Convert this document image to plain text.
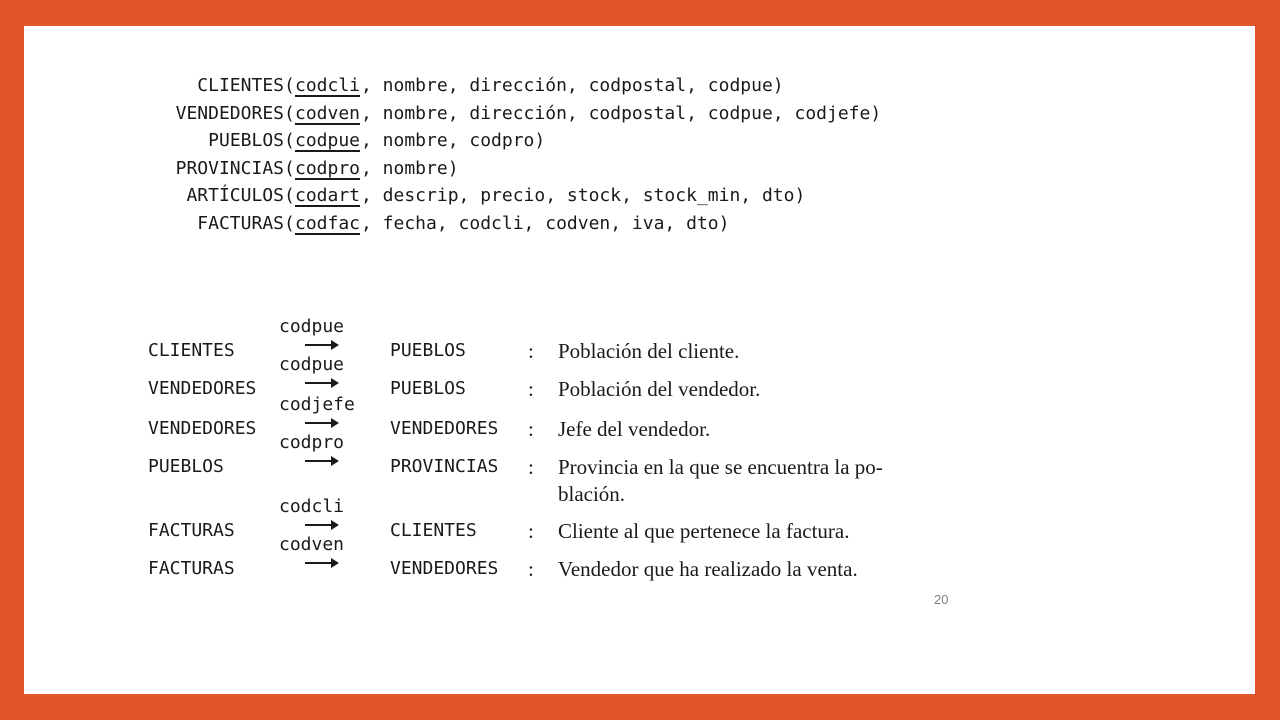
CLIENTES ( codcli , nombre, dirección, codpostal, codpue)
VENDEDORES ( codven , nombre, dirección, codpostal, codpue, codjefe)
PUEBLOS ( codpue , nombre, codpro)
PROVINCIAS ( codpro , nombre)
ARTÍCULOS ( codart , descrip, precio, stock, stock_min, dto)
FACTURAS ( codfac , fecha, codcli, codven, iva, dto)
CLIENTES
codpue
PUEBLOS	: Población del cliente.
VENDEDORES
codpue
PUEBLOS	: Población del vendedor.
VENDEDORES
codjefe
VENDEDORES : Jefe del vendedor.
PUEBLOS
codpro
PROVINCIAS : Provincia en la que se encuentra la po-
blación.
FACTURAS
codcli
CLIENTES : Cliente al que pertenece la factura.
FACTURAS
codven
VENDEDORES : Vendedor que ha realizado la venta.
20
